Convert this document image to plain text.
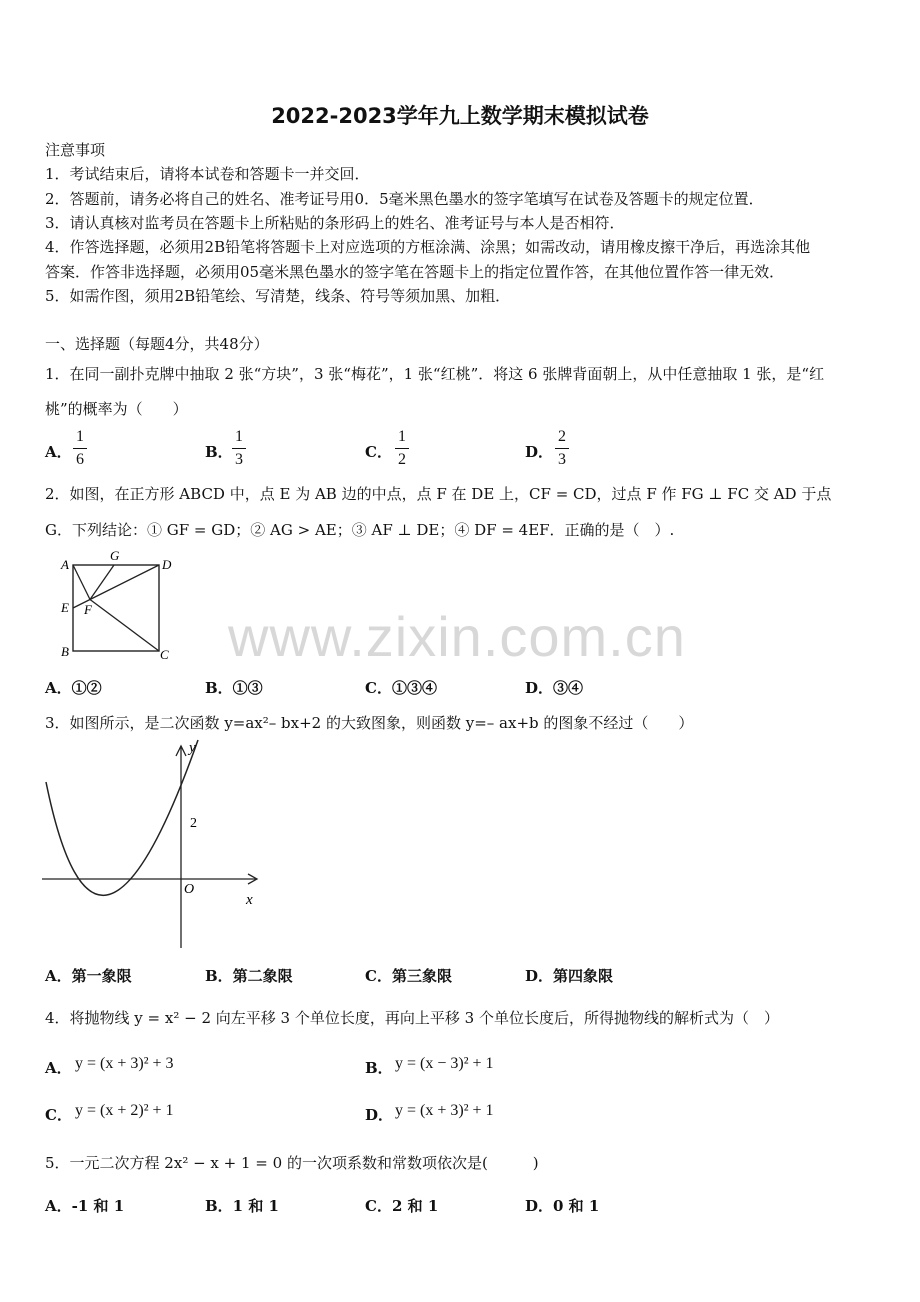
2022-2023学年九上数学期末模拟试卷
注意事项
1．考试结束后，请将本试卷和答题卡一并交回．
2．答题前，请务必将自己的姓名、准考证号用0．5毫米黑色墨水的签字笔填写在试卷及答题卡的规定位置．
3．请认真核对监考员在答题卡上所粘贴的条形码上的姓名、准考证号与本人是否相符．
4．作答选择题，必须用2B铅笔将答题卡上对应选项的方框涂满、涂黑；如需改动，请用橡皮擦干净后，再选涂其他
答案．作答非选择题，必须用05毫米黑色墨水的签字笔在答题卡上的指定位置作答，在其他位置作答一律无效．
5．如需作图，须用2B铅笔绘、写清楚，线条、符号等须加黑、加粗．
一、选择题（每题4分，共48分）
1．在同一副扑克牌中抽取 2 张“方块”，3 张“梅花”，1 张“红桃”．将这 6 张牌背面朝上，从中任意抽取 1 张，是“红
桃”的概率为（　　）
A．
1
6	B．
1
3	C．
1
2	D．
2
3
2．如图，在正方形 ABCD 中，点 E 为 AB 边的中点，点 F 在 DE 上，CF = CD，过点 F 作 FG ⊥ FC 交 AD 于点
G．下列结论：① GF = GD；② AG > AE；③ AF ⊥ DE；④ DF = 4EF．正确的是（　）.
A
G
D
E F
B	C www.zixin.com.cn
A．①②	B．①③	C．①③④	D．③④
3．如图所示，是二次函数 y=ax²– bx+2 的大致图象，则函数 y=– ax+b 的图象不经过（　　）
y
x
O
2
A．第一象限	B．第二象限	C．第三象限	D．第四象限
4．将抛物线 y = x² − 2 向左平移 3 个单位长度，再向上平移 3 个单位长度后，所得抛物线的解析式为（　）
A． y = (x + 3)² + 3	B． y = (x − 3)² + 1
C． y = (x + 2)² + 1	D． y = (x + 3)² + 1
5．一元二次方程 2x² − x + 1 = 0 的一次项系数和常数项依次是(　　　)
A．-1 和 1	B．1 和 1	C．2 和 1	D．0 和 1
